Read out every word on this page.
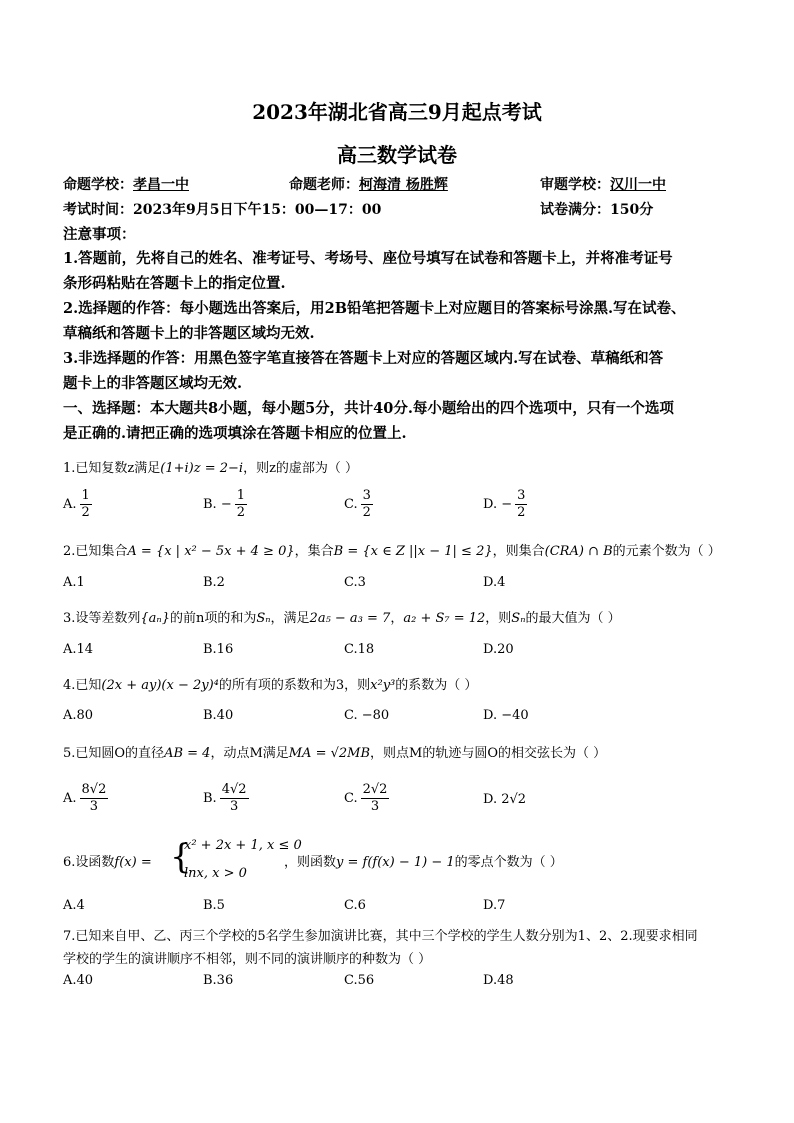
2023年湖北省高三9月起点考试
高三数学试卷
命题学校：孝昌一中	命题老师：柯海清 杨胜辉	审题学校：汉川一中
考试时间：2023年9月5日下午15：00—17：00	试卷满分：150分
注意事项：
1.答题前，先将自己的姓名、准考证号、考场号、座位号填写在试卷和答题卡上，并将准考证号
条形码粘贴在答题卡上的指定位置.
2.选择题的作答：每小题选出答案后，用2B铅笔把答题卡上对应题目的答案标号涂黑.写在试卷、
草稿纸和答题卡上的非答题区域均无效.
3.非选择题的作答：用黑色签字笔直接答在答题卡上对应的答题区域内.写在试卷、草稿纸和答
题卡上的非答题区域均无效.
一、选择题：本大题共8小题，每小题5分，共计40分.每小题给出的四个选项中，只有一个选项
是正确的.请把正确的选项填涂在答题卡相应的位置上.
1.已知复数z满足(1+i)z = 2−i，则z的虚部为（ ）
A. $\frac{1}{2}$	B. − $\frac{1}{2}$	C. $\frac{3}{2}$	D. − $\frac{3}{2}$
2.已知集合A = {x | x² − 5x + 4 ≥ 0}，集合B = {x ∈ Z ||x − 1| ≤ 2}，则集合(CRA) ∩ B的元素个数为（ ）
A.1	B.2	C.3	D.4
3.设等差数列{aₙ}的前n项的和为Sₙ，满足2a₅ − a₃ = 7，a₂ + S₇ = 12，则Sₙ的最大值为（ ）
A.14	B.16	C.18	D.20
4.已知(2x + ay)(x − 2y)⁴的所有项的系数和为3，则x²y³的系数为（ ）
A.80	B.40	C. −80	D. −40
5.已知圆O的直径AB = 4，动点M满足MA = √2MB，则点M的轨迹与圆O的相交弦长为（ ）
A. $\frac{8√2}{3}$	B. $\frac{4√2}{3}$	C. $\frac{2√2}{3}$	D. 2√2
6.设函数f(x) = {
x² + 2x + 1, x ≤ 0
lnx, x > 0
，则函数y = f(f(x) − 1) − 1的零点个数为（ ）
A.4	B.5	C.6	D.7
7.已知来自甲、乙、丙三个学校的5名学生参加演讲比赛，其中三个学校的学生人数分别为1、2、2.现要求相同
学校的学生的演讲顺序不相邻，则不同的演讲顺序的种数为（ ）
A.40	B.36	C.56	D.48
